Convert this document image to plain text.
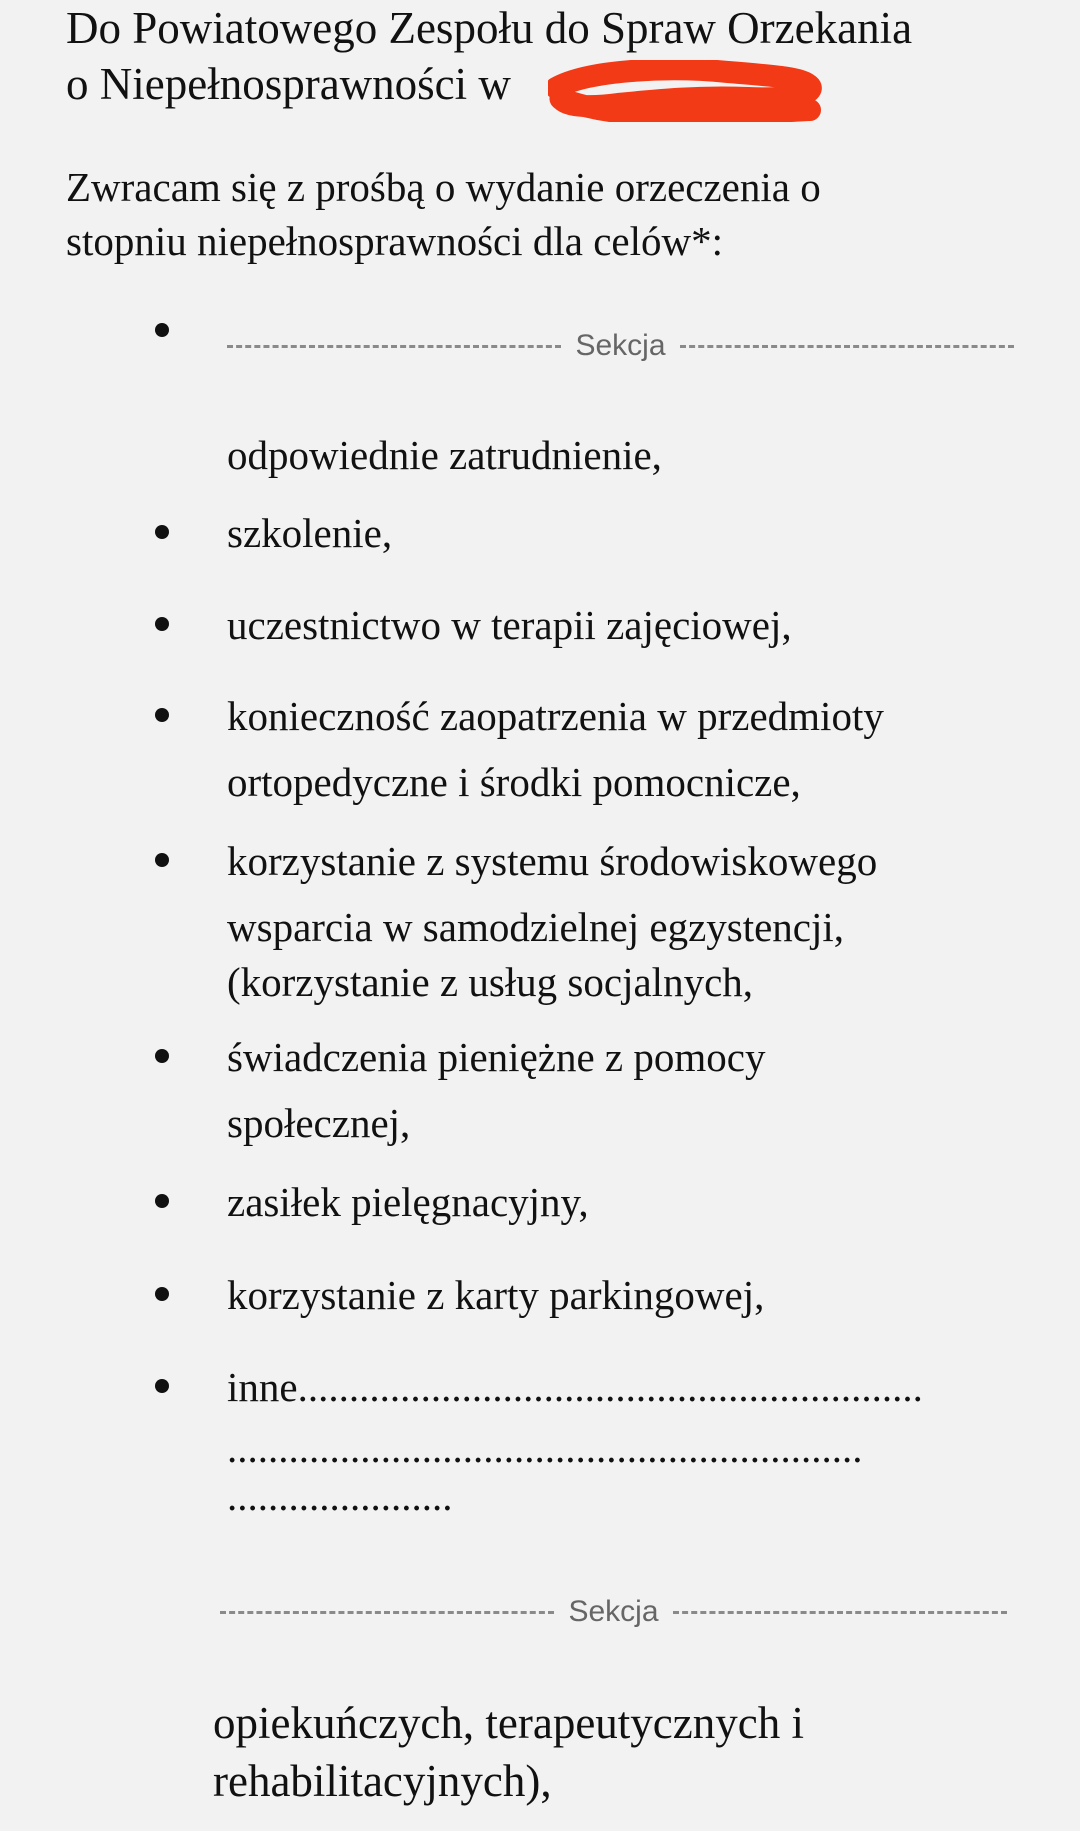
Do Powiatowego Zespołu do Spraw Orzekania
o Niepełnosprawności w

Zwracam się z prośbą o wydanie orzeczenia o
stopniu niepełnosprawności dla celów*:

Sekcja

odpowiednie zatrudnienie,

szkolenie,

uczestnictwo w terapii zajęciowej,

konieczność zaopatrzenia w przedmioty
ortopedyczne i środki pomocnicze,

korzystanie z systemu środowiskowego
wsparcia w samodzielnej egzystencji,
(korzystanie z usług socjalnych,

świadczenia pieniężne z pomocy
społecznej,

zasiłek pielęgnacyjny,

korzystanie z karty parkingowej,

inne.............................................................
..............................................................
......................

Sekcja

opiekuńczych, terapeutycznych i
rehabilitacyjnych),
